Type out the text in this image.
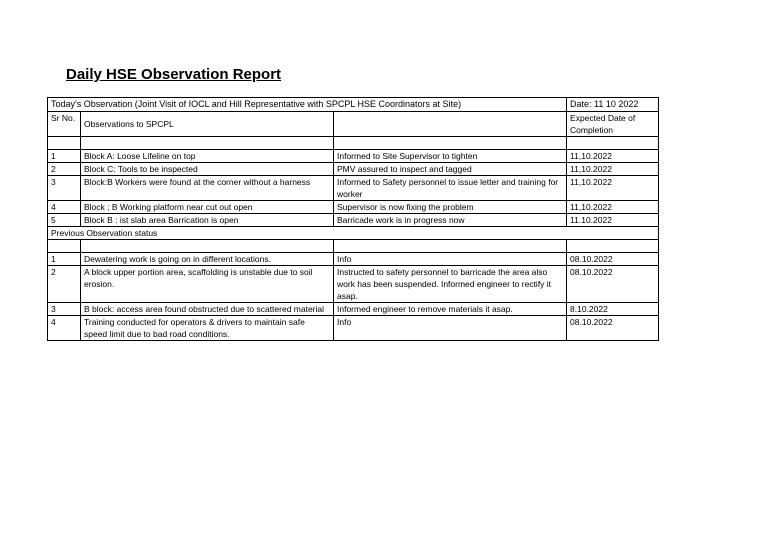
Daily HSE Observation Report
Today's Observation (Joint Visit of IOCL and Hill Representative with SPCPL HSE Coordinators at Site)			Date: 11 10 2022
Sr No.	Observations to SPCPL		Expected Date of Completion

1	Block A: Loose Lifeline on top	Informed to Site Supervisor to tighten	11,10.2022
2	Block C: Tools to be inspected	PMV assured to inspect and tagged	11,10.2022
3	Block:B Workers were found at the corner without a harness	Informed to Safety personnel to issue letter and training for worker	11,10.2022
4	Block ; B Working platform near cut out open	Supervisor is now fixing the problem	11,10.2022
5	Block B : ist slab area Barrication is open	Barricade work is in progress now	11.10.2022
Previous Observation status			

1	Dewatering work is going on in different locations.	Info	08.10.2022
2	A block upper portion area, scaffolding is unstable due to soil erosion.	Instructed to safety personnel to barricade the area also work has been suspended. Informed engineer to rectify it asap.	08.10.2022
3	B block: access area found obstructed due to scattered material	Informed engineer to remove materials it asap.	8.10.2022
4	Training conducted for operators & drivers to maintain safe speed limit due to bad road conditions.	Info	08.10.2022
